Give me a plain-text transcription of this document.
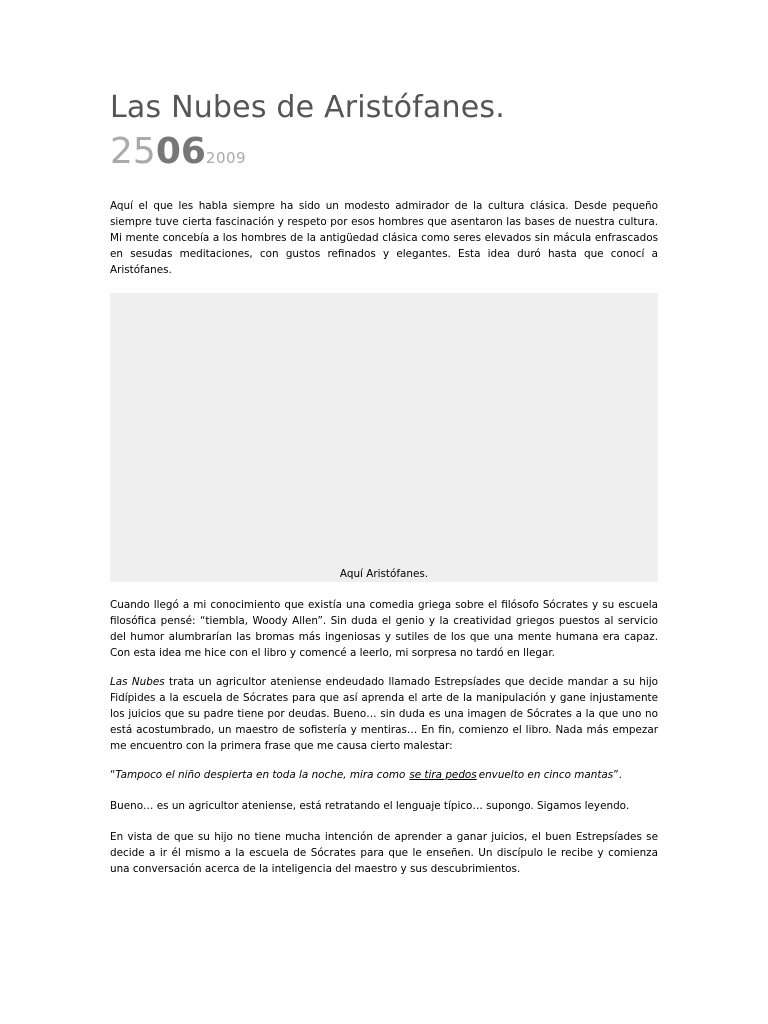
Las Nubes de Aristófanes.
25062009

Aquí el que les habla siempre ha sido un modesto admirador de la cultura clásica. Desde pequeño siempre tuve cierta fascinación y respeto por esos hombres que asentaron las bases de nuestra cultura. Mi mente concebía a los hombres de la antigüedad clásica como seres elevados sin mácula enfrascados en sesudas meditaciones, con gustos refinados y elegantes. Esta idea duró hasta que conocí a Aristófanes.

Aquí Aristófanes.

Cuando llegó a mi conocimiento que existía una comedia griega sobre el filósofo Sócrates y su escuela filosófica pensé: “tiembla, Woody Allen”. Sin duda el genio y la creatividad griegos puestos al servicio del humor alumbrarían las bromas más ingeniosas y sutiles de los que una mente humana era capaz. Con esta idea me hice con el libro y comencé a leerlo, mi sorpresa no tardó en llegar.

Las Nubes trata un agricultor ateniense endeudado llamado Estrepsíades que decide mandar a su hijo Fidípides a la escuela de Sócrates para que así aprenda el arte de la manipulación y gane injustamente los juicios que su padre tiene por deudas. Bueno… sin duda es una imagen de Sócrates a la que uno no está acostumbrado, un maestro de sofistería y mentiras… En fin, comienzo el libro. Nada más empezar me encuentro con la primera frase que me causa cierto malestar:

“Tampoco el niño despierta en toda la noche, mira como se tira pedos envuelto en cinco mantas”.

Bueno… es un agricultor ateniense, está retratando el lenguaje típico… supongo. Sigamos leyendo.

En vista de que su hijo no tiene mucha intención de aprender a ganar juicios, el buen Estrepsíades se decide a ir él mismo a la escuela de Sócrates para que le enseñen. Un discípulo le recibe y comienza una conversación acerca de la inteligencia del maestro y sus descubrimientos.
